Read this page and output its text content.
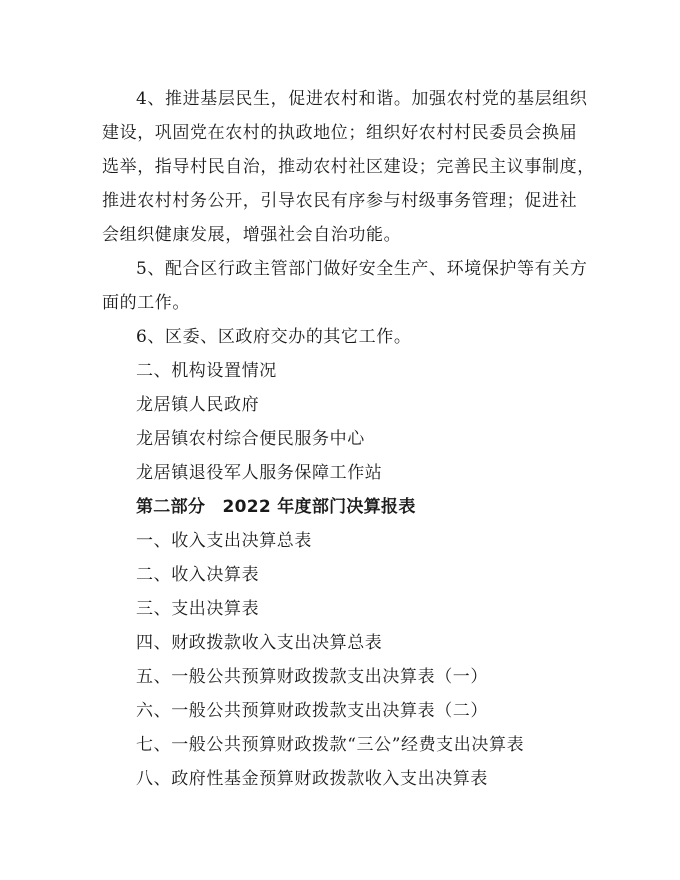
4、推进基层民生，促进农村和谐。加强农村党的基层组织
建设，巩固党在农村的执政地位；组织好农村村民委员会换届
选举，指导村民自治，推动农村社区建设；完善民主议事制度，
推进农村村务公开，引导农民有序参与村级事务管理；促进社
会组织健康发展，增强社会自治功能。
5、配合区行政主管部门做好安全生产、环境保护等有关方
面的工作。
6、区委、区政府交办的其它工作。
二、机构设置情况
龙居镇人民政府
龙居镇农村综合便民服务中心
龙居镇退役军人服务保障工作站
第二部分　2022 年度部门决算报表
一、收入支出决算总表
二、收入决算表
三、支出决算表
四、财政拨款收入支出决算总表
五、一般公共预算财政拨款支出决算表（一）
六、一般公共预算财政拨款支出决算表（二）
七、一般公共预算财政拨款“三公”经费支出决算表
八、政府性基金预算财政拨款收入支出决算表
